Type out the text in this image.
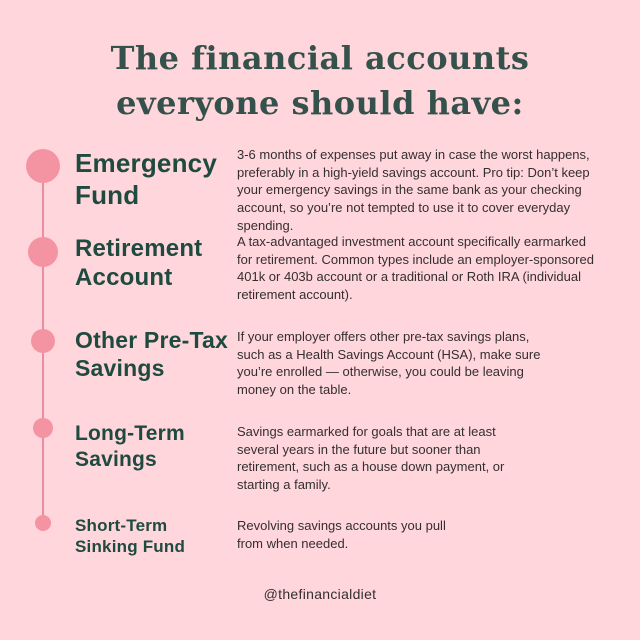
The financial accounts
everyone should have:
Emergency Fund

3-6 months of expenses put away in case the worst happens, preferably in a high-yield savings account. Pro tip: Don’t keep your emergency savings in the same bank as your checking account, so you’re not tempted to use it to cover everyday spending.

Retirement Account

A tax-advantaged investment account specifically earmarked for retirement. Common types include an employer-sponsored 401k or 403b account or a traditional or Roth IRA (individual retirement account).

Other Pre-Tax Savings

If your employer offers other pre-tax savings plans, such as a Health Savings Account (HSA), make sure you’re enrolled — otherwise, you could be leaving money on the table.

Long-Term Savings

Savings earmarked for goals that are at least several years in the future but sooner than retirement, such as a house down payment, or starting a family.

Short-Term Sinking Fund

Revolving savings accounts you pull from when needed.

@thefinancialdiet
